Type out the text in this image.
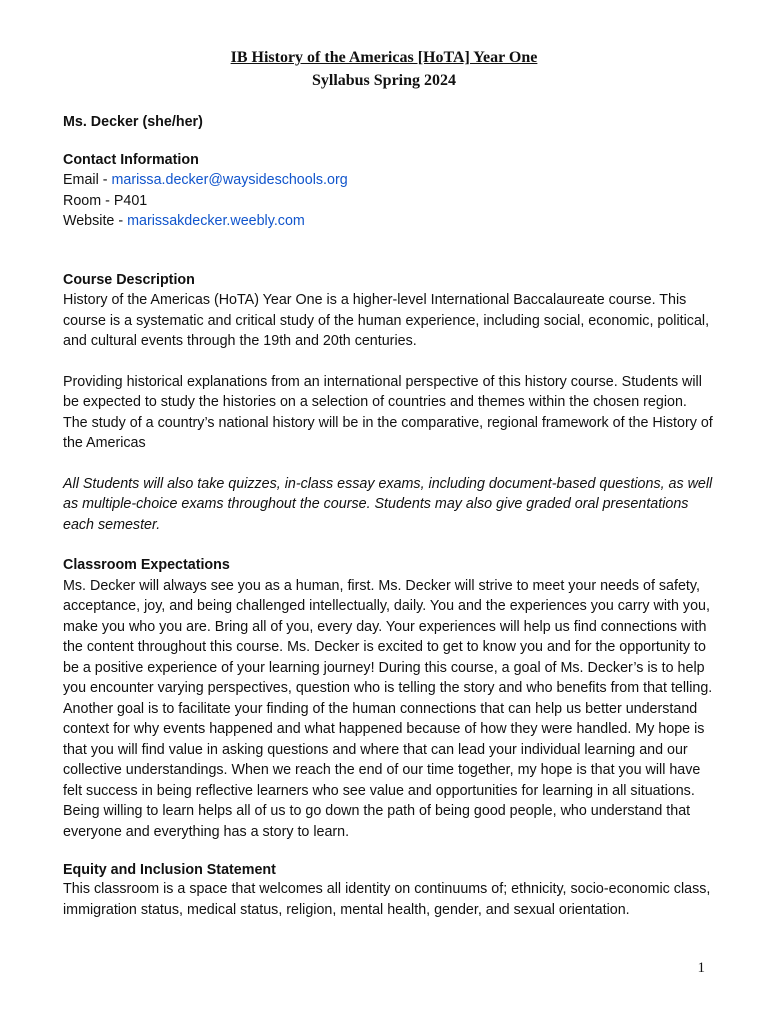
IB History of the Americas [HoTA] Year One
Syllabus Spring 2024

Ms. Decker (she/her)

Contact Information

Email - marissa.decker@waysideschools.org

Room - P401

Website - marissakdecker.weebly.com

Course Description

History of the Americas (HoTA) Year One is a higher-level International Baccalaureate course. This course is a systematic and critical study of the human experience, including social, economic, political, and cultural events through the 19th and 20th centuries.

Providing historical explanations from an international perspective of this history course. Students will be expected to study the histories on a selection of countries and themes within the chosen region. The study of a country’s national history will be in the comparative, regional framework of the History of the Americas

All Students will also take quizzes, in-class essay exams, including document-based questions, as well as multiple-choice exams throughout the course. Students may also give graded oral presentations each semester.

Classroom Expectations

Ms. Decker will always see you as a human, first. Ms. Decker will strive to meet your needs of safety, acceptance, joy, and being challenged intellectually, daily. You and the experiences you carry with you, make you who you are. Bring all of you, every day. Your experiences will help us find connections with the content throughout this course. Ms. Decker is excited to get to know you and for the opportunity to be a positive experience of your learning journey! During this course, a goal of Ms. Decker’s is to help you encounter varying perspectives, question who is telling the story and who benefits from that telling. Another goal is to facilitate your finding of the human connections that can help us better understand context for why events happened and what happened because of how they were handled. My hope is that you will find value in asking questions and where that can lead your individual learning and our collective understandings. When we reach the end of our time together, my hope is that you will have felt success in being reflective learners who see value and opportunities for learning in all situations. Being willing to learn helps all of us to go down the path of being good people, who understand that everyone and everything has a story to learn.

Equity and Inclusion Statement

This classroom is a space that welcomes all identity on continuums of; ethnicity, socio-economic class, immigration status, medical status, religion, mental health, gender, and sexual orientation.

1
